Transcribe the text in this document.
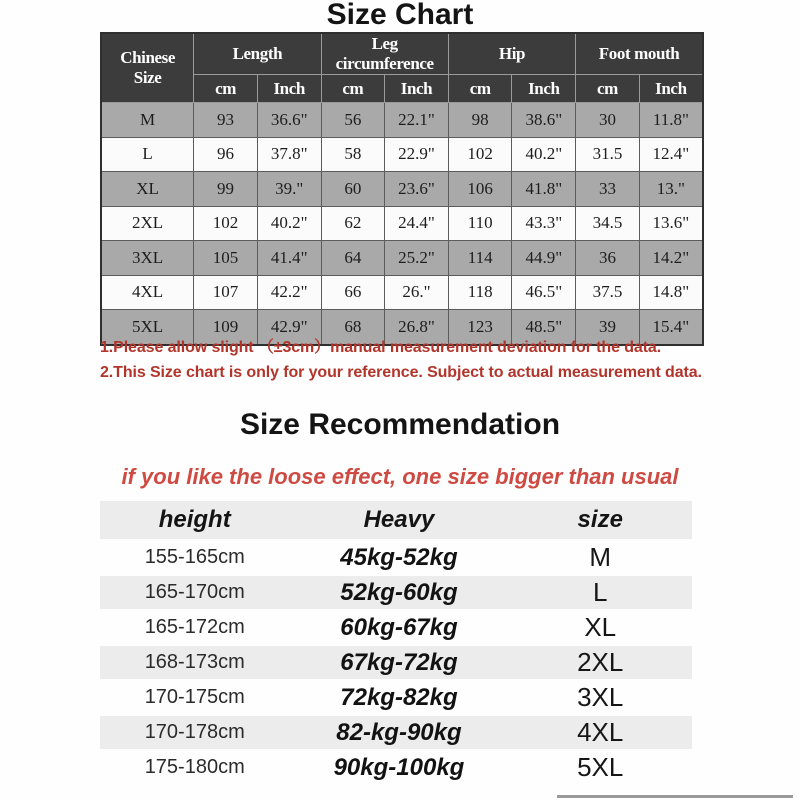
Size Chart
Chinese
Size	Length		Leg circumference		Hip		Foot mouth	
	cm	Inch	cm	Inch	cm	Inch	cm	Inch
M	93	36.6"	56	22.1"	98	38.6"	30	11.8"
L	96	37.8"	58	22.9"	102	40.2"	31.5	12.4"
XL	99	39."	60	23.6"	106	41.8"	33	13."
2XL	102	40.2"	62	24.4"	110	43.3"	34.5	13.6"
3XL	105	41.4"	64	25.2"	114	44.9"	36	14.2"
4XL	107	42.2"	66	26."	118	46.5"	37.5	14.8"
5XL	109	42.9"	68	26.8"	123	48.5"	39	15.4"

1.Please allow slight （±3cm）manual measurement deviation for the data.

2.This Size chart is only for your reference. Subject to actual measurement data.

Size Recommendation

if you like the loose effect, one size bigger than usual

height	Heavy	size
155-165cm	45kg-52kg	M
165-170cm	52kg-60kg	L
165-172cm	60kg-67kg	XL
168-173cm	67kg-72kg	2XL
170-175cm	72kg-82kg	3XL
170-178cm	82-kg-90kg	4XL
175-180cm	90kg-100kg	5XL
